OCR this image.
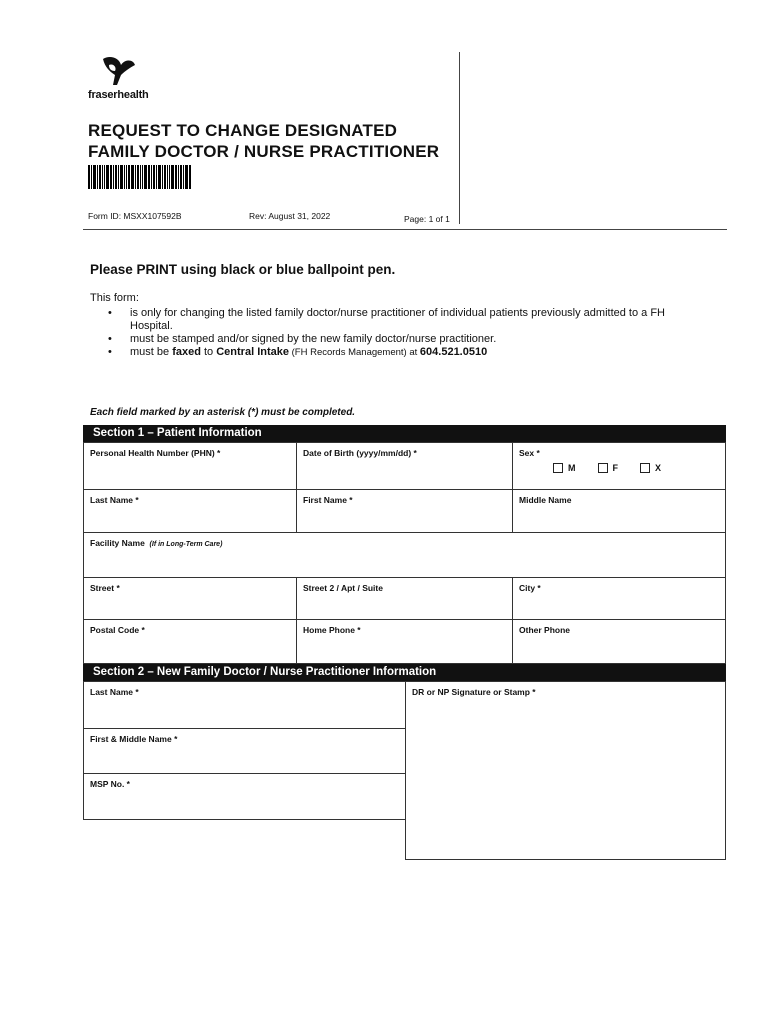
fraserhealth
REQUEST TO CHANGE DESIGNATED
FAMILY DOCTOR / NURSE PRACTITIONER
Form ID: MSXX107592B	Rev: August 31, 2022	Page: 1 of 1
Please PRINT using black or blue ballpoint pen.
This form:
• is only for changing the listed family doctor/nurse practitioner of individual patients previously admitted to a FH Hospital.
• must be stamped and/or signed by the new family doctor/nurse practitioner.
• must be faxed to Central Intake (FH Records Management) at 604.521.0510
Each field marked by an asterisk (*) must be completed.
Section 1 – Patient Information
Personal Health Number (PHN) *	Date of Birth (yyyy/mm/dd) *	Sex *
M	F	X
Last Name *	First Name *	Middle Name
Facility Name (If in Long-Term Care)
Street *	Street 2 / Apt / Suite	City *
Postal Code *	Home Phone *	Other Phone
Section 2 – New Family Doctor / Nurse Practitioner Information
Last Name *	DR or NP Signature or Stamp *
First & Middle Name *
MSP No. *
